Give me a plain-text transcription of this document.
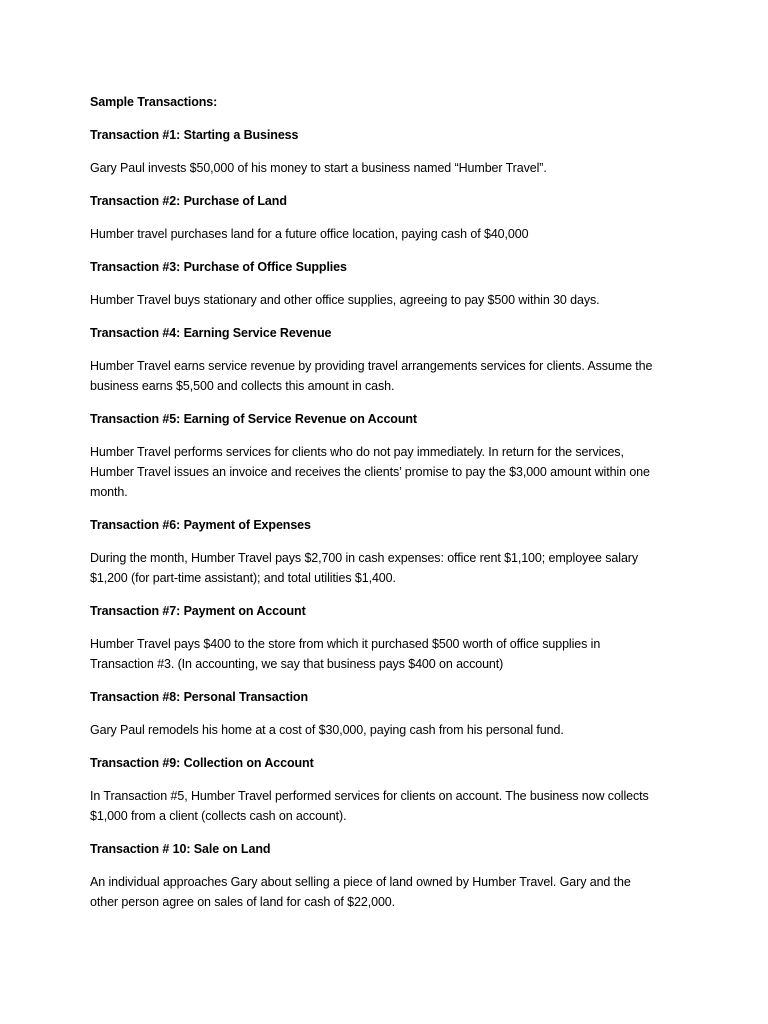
Sample Transactions:

Transaction #1: Starting a Business

Gary Paul invests $50,000 of his money to start a business named “Humber Travel”.

Transaction #2: Purchase of Land

Humber travel purchases land for a future office location, paying cash of $40,000

Transaction #3: Purchase of Office Supplies

Humber Travel buys stationary and other office supplies, agreeing to pay $500 within 30 days.

Transaction #4: Earning Service Revenue

Humber Travel earns service revenue by providing travel arrangements services for clients. Assume the

business earns $5,500 and collects this amount in cash.

Transaction #5: Earning of Service Revenue on Account

Humber Travel performs services for clients who do not pay immediately. In return for the services,

Humber Travel issues an invoice and receives the clients’ promise to pay the $3,000 amount within one

month.

Transaction #6: Payment of Expenses

During the month, Humber Travel pays $2,700 in cash expenses: office rent $1,100; employee salary

$1,200 (for part-time assistant); and total utilities $1,400.

Transaction #7: Payment on Account

Humber Travel pays $400 to the store from which it purchased $500 worth of office supplies in

Transaction #3. (In accounting, we say that business pays $400 on account)

Transaction #8: Personal Transaction

Gary Paul remodels his home at a cost of $30,000, paying cash from his personal fund.

Transaction #9: Collection on Account

In Transaction #5, Humber Travel performed services for clients on account. The business now collects

$1,000 from a client (collects cash on account).

Transaction # 10: Sale on Land

An individual approaches Gary about selling a piece of land owned by Humber Travel. Gary and the

other person agree on sales of land for cash of $22,000.
